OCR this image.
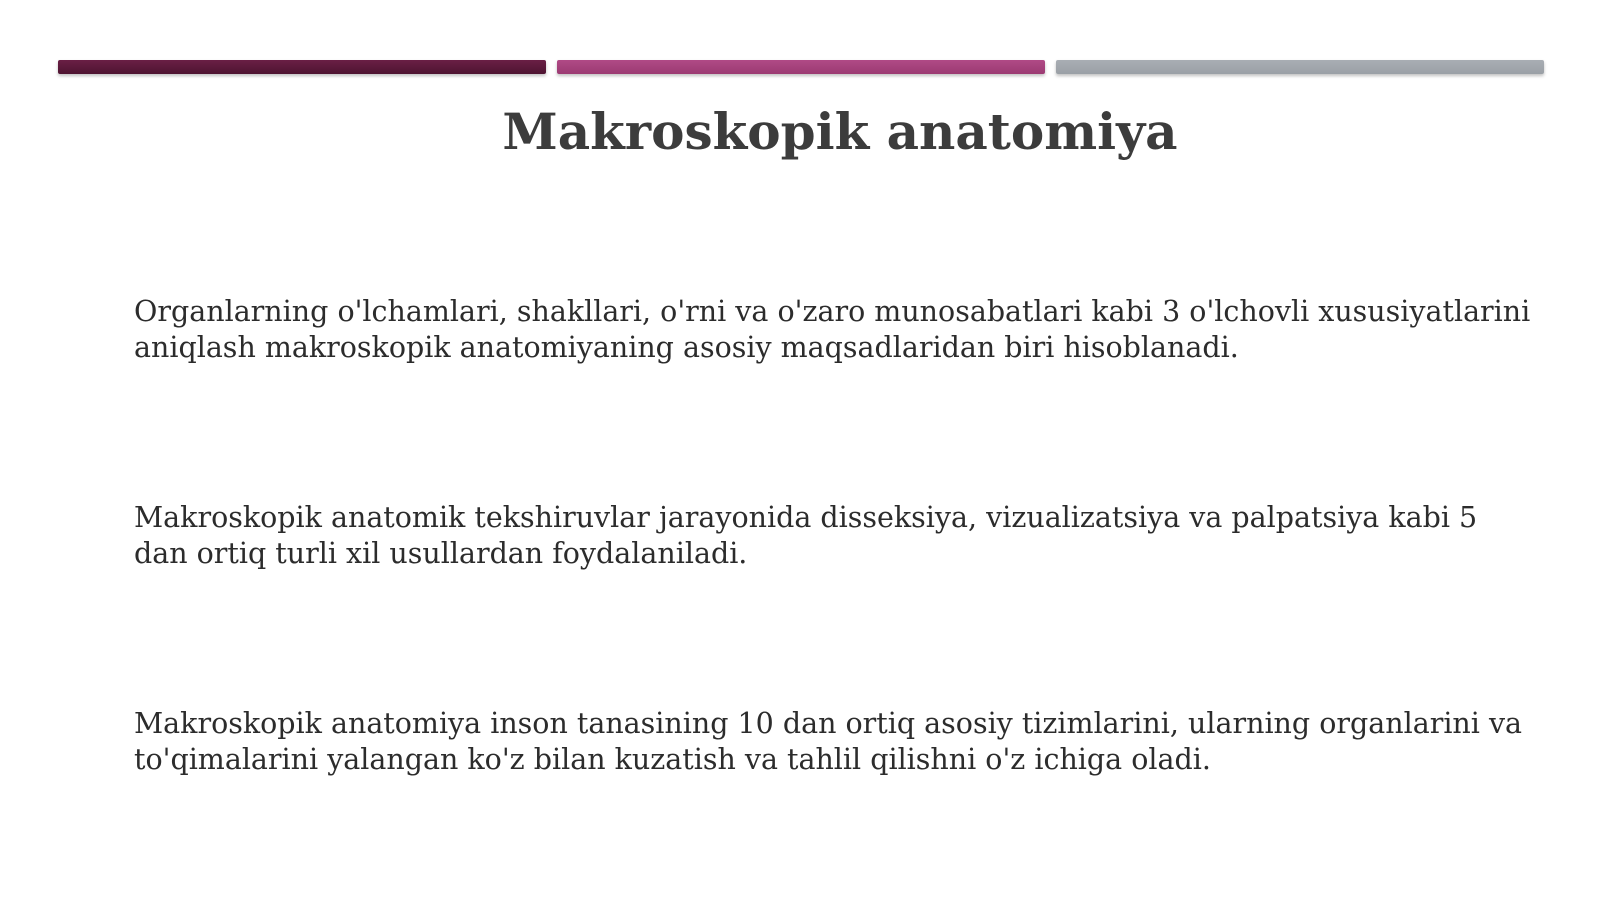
Makroskopik anatomiya

Organlarning o'lchamlari, shakllari, o'rni va o'zaro munosabatlari kabi 3 o'lchovli xususiyatlarini aniqlash makroskopik anatomiyaning asosiy maqsadlaridan biri hisoblanadi.

Makroskopik anatomik tekshiruvlar jarayonida disseksiya, vizualizatsiya va palpatsiya kabi 5 dan ortiq turli xil usullardan foydalaniladi.

Makroskopik anatomiya inson tanasining 10 dan ortiq asosiy tizimlarini, ularning organlarini va to'qimalarini yalangan ko'z bilan kuzatish va tahlil qilishni o'z ichiga oladi.
